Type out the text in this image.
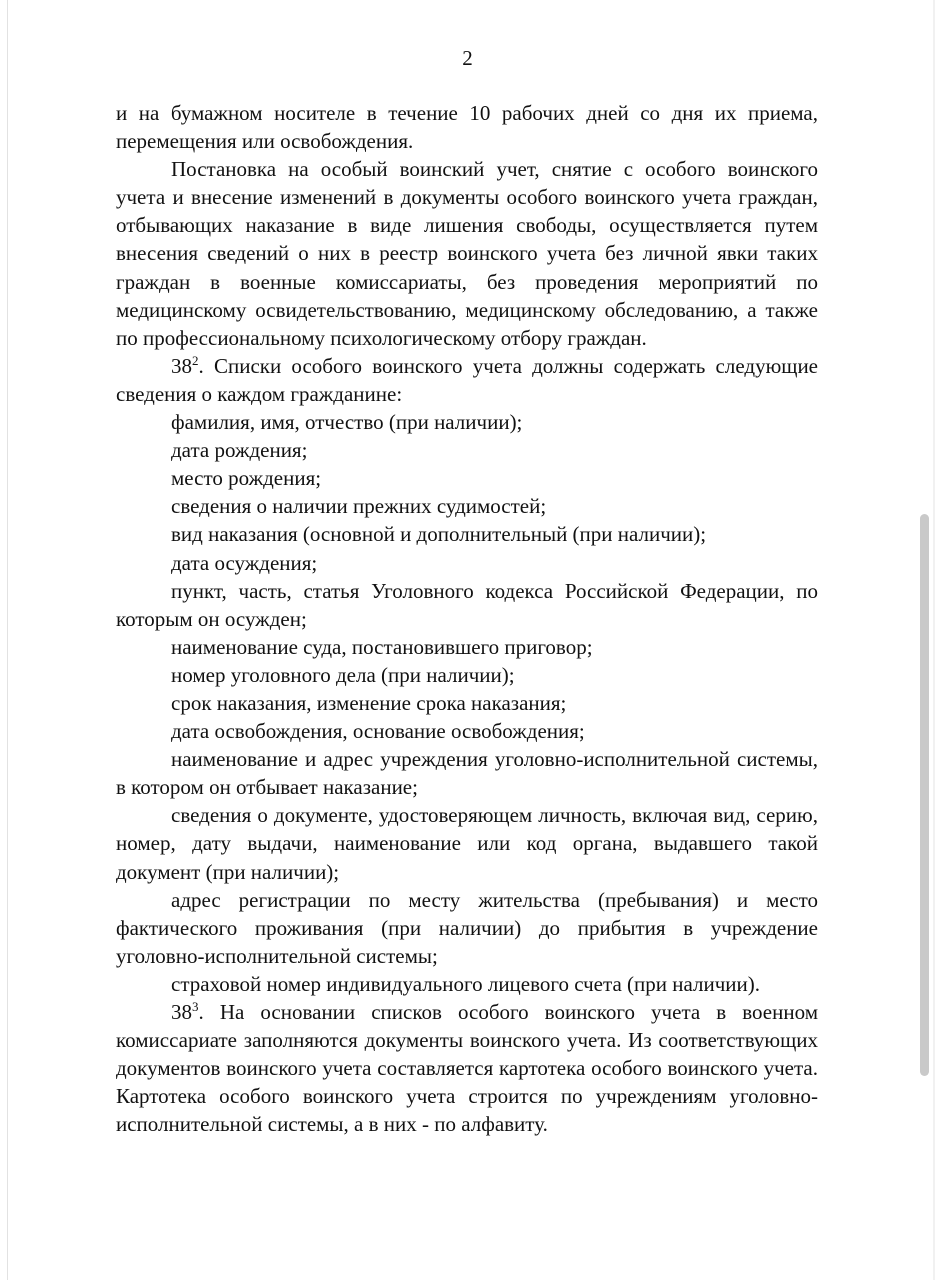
2

и на бумажном носителе в течение 10 рабочих дней со дня их приема, перемещения или освобождения.

Постановка на особый воинский учет, снятие с особого воинского учета и внесение изменений в документы особого воинского учета граждан, отбывающих наказание в виде лишения свободы, осуществляется путем внесения сведений о них в реестр воинского учета без личной явки таких граждан в военные комиссариаты, без проведения мероприятий по медицинскому освидетельствованию, медицинскому обследованию, а также по профессиональному психологическому отбору граждан.

$38^2$. Списки особого воинского учета должны содержать следующие сведения о каждом гражданине:

фамилия, имя, отчество (при наличии);

дата рождения;

место рождения;

сведения о наличии прежних судимостей;

вид наказания (основной и дополнительный (при наличии);

дата осуждения;

пункт, часть, статья Уголовного кодекса Российской Федерации, по которым он осужден;

наименование суда, постановившего приговор;

номер уголовного дела (при наличии);

срок наказания, изменение срока наказания;

дата освобождения, основание освобождения;

наименование и адрес учреждения уголовно-исполнительной системы, в котором он отбывает наказание;

сведения о документе, удостоверяющем личность, включая вид, серию, номер, дату выдачи, наименование или код органа, выдавшего такой документ (при наличии);

адрес регистрации по месту жительства (пребывания) и место фактического проживания (при наличии) до прибытия в учреждение уголовно-исполнительной системы;

страховой номер индивидуального лицевого счета (при наличии).

$38^3$. На основании списков особого воинского учета в военном комиссариате заполняются документы воинского учета. Из соответствующих документов воинского учета составляется картотека особого воинского учета. Картотека особого воинского учета строится по учреждениям уголовно-исполнительной системы, а в них - по алфавиту.
